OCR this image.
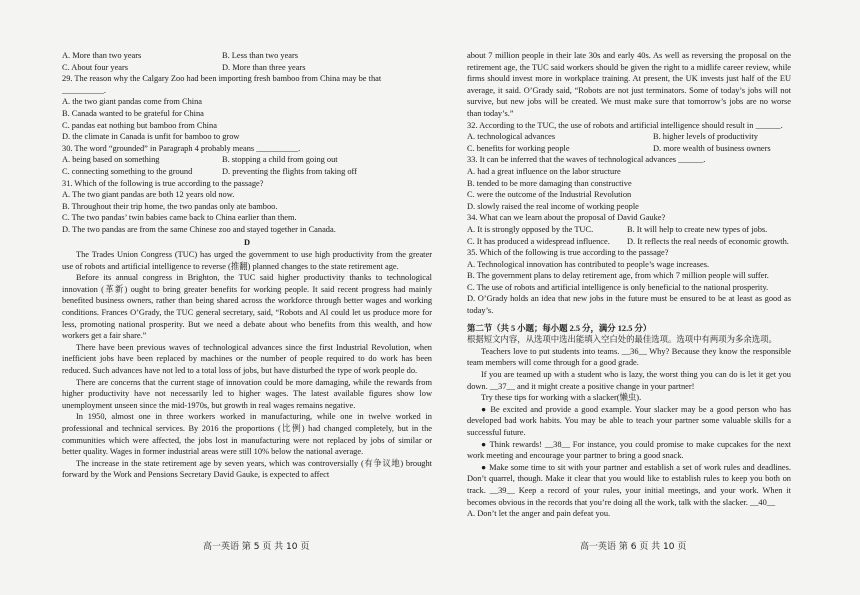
A. More than two years	B. Less than two years
C. About four years	D. More than three years
29. The reason why the Calgary Zoo had been importing fresh bamboo from China may be that
__________.
A. the two giant pandas come from China
B. Canada wanted to be grateful for China
C. pandas eat nothing but bamboo from China
D. the climate in Canada is unfit for bamboo to grow
30. The word “grounded” in Paragraph 4 probably means __________.
A. being based on something	B. stopping a child from going out
C. connecting something to the ground	D. preventing the flights from taking off
31. Which of the following is true according to the passage?
A. The two giant pandas are both 12 years old now.
B. Throughout their trip home, the two pandas only ate bamboo.
C. The two pandas’ twin babies came back to China earlier than them.
D. The two pandas are from the same Chinese zoo and stayed together in Canada.
D

The Trades Union Congress (TUC) has urged the government to use high productivity from the greater use of robots and artificial intelligence to reverse (推翻) planned changes to the state retirement age.

Before its annual congress in Brighton, the TUC said higher productivity thanks to technological innovation (革新) ought to bring greater benefits for working people. It said recent progress had mainly benefited business owners, rather than being shared across the workforce through better wages and working conditions. Frances O’Grady, the TUC general secretary, said, “Robots and AI could let us produce more for less, promoting national prosperity. But we need a debate about who benefits from this wealth, and how workers get a fair share.”

There have been previous waves of technological advances since the first Industrial Revolution, when inefficient jobs have been replaced by machines or the number of people required to do work has been reduced. Such advances have not led to a total loss of jobs, but have disturbed the type of work people do.

There are concerns that the current stage of innovation could be more damaging, while the rewards from higher productivity have not necessarily led to higher wages. The latest available figures show low unemployment unseen since the mid-1970s, but growth in real wages remains negative.

In 1950, almost one in three workers worked in manufacturing, while one in twelve worked in professional and technical services. By 2016 the proportions (比例) had changed completely, but in the communities which were affected, the jobs lost in manufacturing were not replaced by jobs of similar or better quality. Wages in former industrial areas were still 10% below the national average.

The increase in the state retirement age by seven years, which was controversially (有争议地) brought forward by the Work and Pensions Secretary David Gauke, is expected to affect

about 7 million people in their late 30s and early 40s. As well as reversing the proposal on the retirement age, the TUC said workers should be given the right to a midlife career review, while firms should invest more in workplace training. At present, the UK invests just half of the EU average, it said. O’Grady said, “Robots are not just terminators. Some of today’s jobs will not survive, but new jobs will be created. We must make sure that tomorrow’s jobs are no worse than today’s.”

32. According to the TUC, the use of robots and artificial intelligence should result in ______.
A. technological advances	B. higher levels of productivity
C. benefits for working people	D. more wealth of business owners
33. It can be inferred that the waves of technological advances ______.
A. had a great influence on the labor structure
B. tended to be more damaging than constructive
C. were the outcome of the Industrial Revolution
D. slowly raised the real income of working people
34. What can we learn about the proposal of David Gauke?
A. It is strongly opposed by the TUC.	B. It will help to create new types of jobs.
C. It has produced a widespread influence.	D. It reflects the real needs of economic growth.
35. Which of the following is true according to the passage?
A. Technological innovation has contributed to people’s wage increases.
B. The government plans to delay retirement age, from which 7 million people will suffer.
C. The use of robots and artificial intelligence is only beneficial to the national prosperity.
D. O’Grady holds an idea that new jobs in the future must be ensured to be at least as good as today’s.
第二节（共 5 小题；每小题 2.5 分，满分 12.5 分）
根据短文内容，从选项中选出能填入空白处的最佳选项。选项中有两项为多余选项。

Teachers love to put students into teams. __36__ Why? Because they know the responsible team members will come through for a good grade.

If you are teamed up with a student who is lazy, the worst thing you can do is let it get you down. __37__ and it might create a positive change in your partner!

Try these tips for working with a slacker(懒虫).

● Be excited and provide a good example. Your slacker may be a good person who has developed bad work habits. You may be able to teach your partner some valuable skills for a successful future.

● Think rewards! __38__ For instance, you could promise to make cupcakes for the next work meeting and encourage your partner to bring a good snack.

● Make some time to sit with your partner and establish a set of work rules and deadlines. Don’t quarrel, though. Make it clear that you would like to establish rules to keep you both on track. __39__ Keep a record of your rules, your initial meetings, and your work. When it becomes obvious in the records that you’re doing all the work, talk with the slacker. __40__

A. Don’t let the anger and pain defeat you.
高一英语 第 5 页 共 10 页	高一英语 第 6 页 共 10 页
